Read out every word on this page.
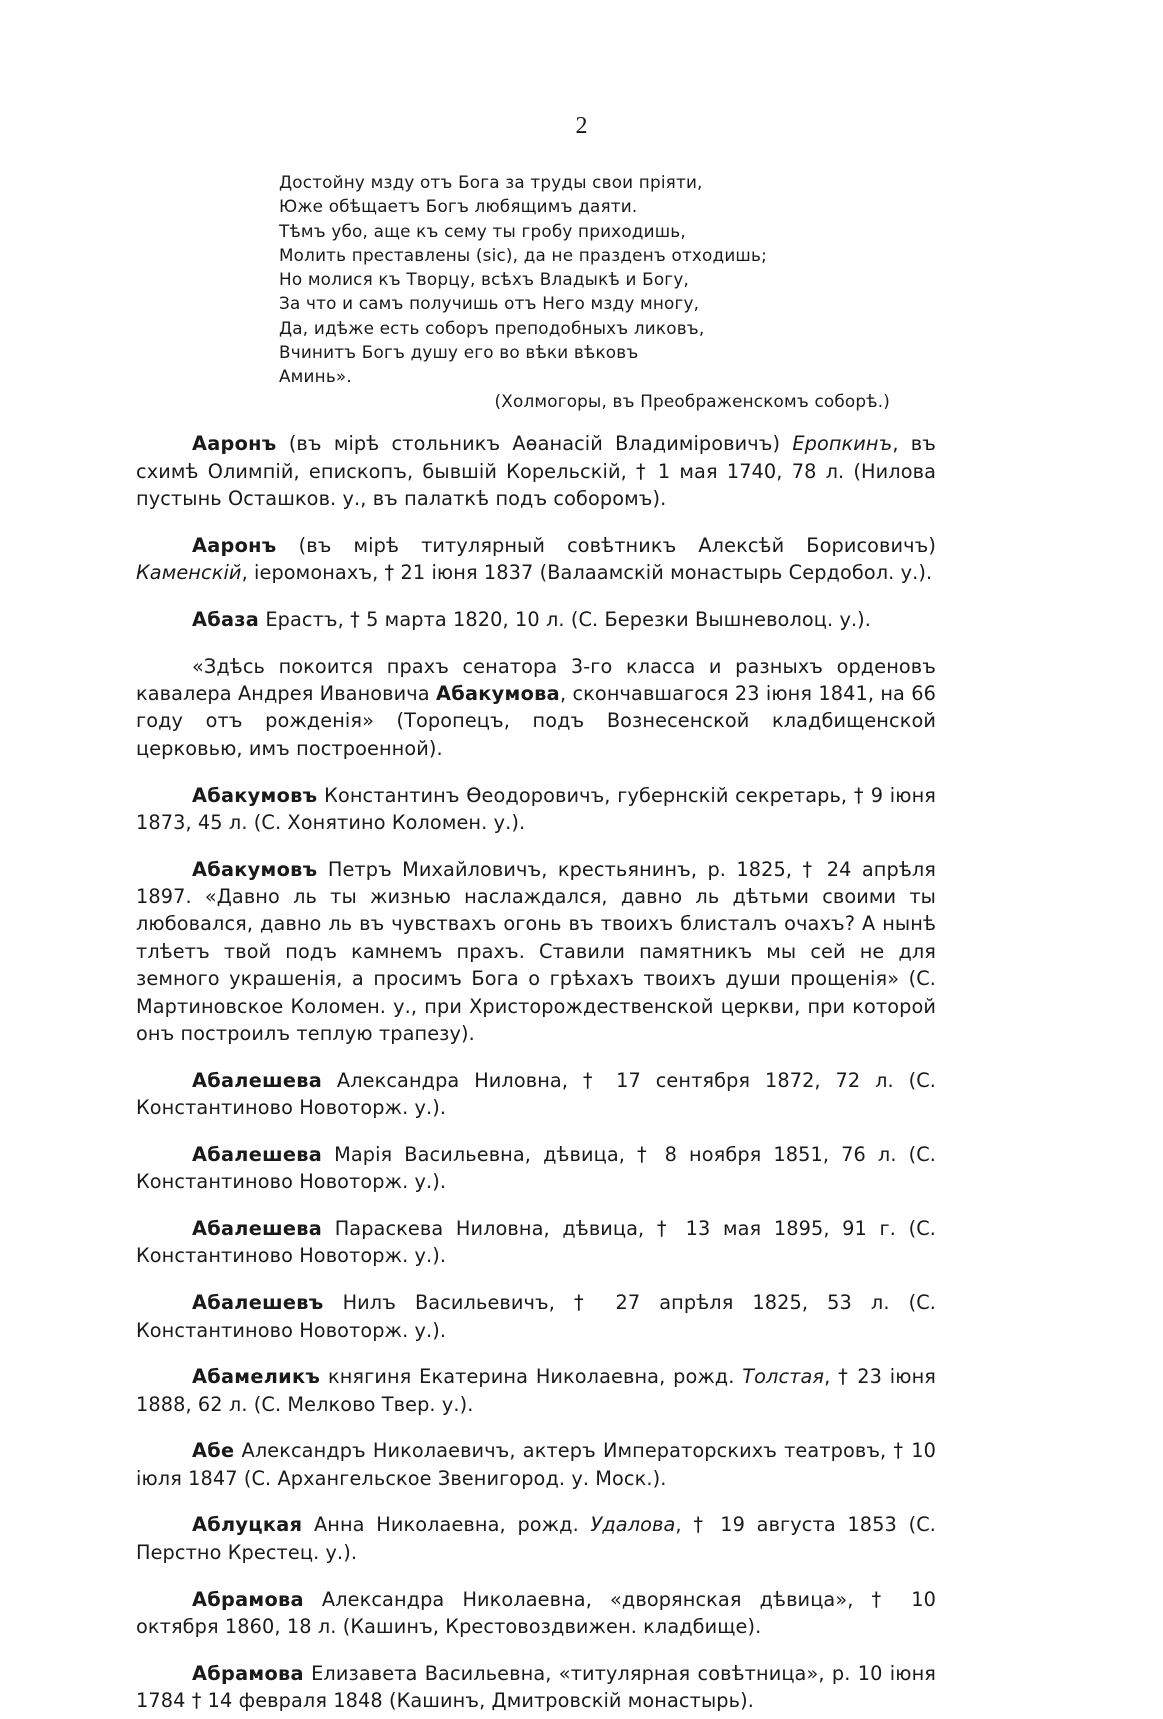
2
Достойну мзду отъ Бога за труды свои пріяти,
Юже обѣщаетъ Богъ любящимъ даяти.
Тѣмъ убо, аще къ сему ты гробу приходишь,
Молить преставлены (sic), да не празденъ отходишь;
Но молися къ Творцу, всѣхъ Владыкѣ и Богу,
За что и самъ получишь отъ Него мзду многу,
Да, идѣже есть соборъ преподобныхъ ликовъ,
Вчинитъ Богъ душу его во вѣки вѣковъ
Аминь».
(Холмогоры, въ Преображенскомъ соборѣ.)

Ааронъ (въ мірѣ стольникъ Аѳанасій Владиміровичъ) Еропкинъ, въ схимѣ Олимпій, епископъ, бывшій Корельскій, † 1 мая 1740, 78 л. (Нилова пустынь Осташков. у., въ палаткѣ подъ соборомъ).

Ааронъ (въ мірѣ титулярный совѣтникъ Алексѣй Борисовичъ) Каменскій, іеромонахъ, † 21 іюня 1837 (Валаамскій монастырь Сердобол. у.).

Абаза Ерастъ, † 5 марта 1820, 10 л. (С. Березки Вышневолоц. у.).

«Здѣсь покоится прахъ сенатора 3-го класса и разныхъ орденовъ кавалера Андрея Ивановича Абакумова, скончавшагося 23 іюня 1841, на 66 году отъ рожденія» (Торопецъ, подъ Вознесенской кладбищенской церковью, имъ построенной).

Абакумовъ Константинъ Ѳеодоровичъ, губернскій секретарь, † 9 іюня 1873, 45 л. (С. Хонятино Коломен. у.).

Абакумовъ Петръ Михайловичъ, крестьянинъ, р. 1825, † 24 апрѣля 1897. «Давно ль ты жизнью наслаждался, давно ль дѣтьми своими ты любовался, давно ль въ чувствахъ огонь въ твоихъ блисталъ очахъ? А нынѣ тлѣетъ твой подъ камнемъ прахъ. Ставили памятникъ мы сей не для земного украшенія, а просимъ Бога о грѣхахъ твоихъ души прощенія» (С. Мартиновское Коломен. у., при Христорождественской церкви, при которой онъ построилъ теплую трапезу).

Абалешева Александра Ниловна, † 17 сентября 1872, 72 л. (С. Константиново Новоторж. у.).

Абалешева Марія Васильевна, дѣвица, † 8 ноября 1851, 76 л. (С. Константиново Новоторж. у.).

Абалешева Параскева Ниловна, дѣвица, † 13 мая 1895, 91 г. (С. Константиново Новоторж. у.).

Абалешевъ Нилъ Васильевичъ, † 27 апрѣля 1825, 53 л. (С. Константиново Новоторж. у.).

Абамеликъ княгиня Екатерина Николаевна, рожд. Толстая, † 23 іюня 1888, 62 л. (С. Мелково Твер. у.).

Абе Александръ Николаевичъ, актеръ Императорскихъ театровъ, † 10 іюля 1847 (С. Архангельское Звенигород. у. Моск.).

Аблуцкая Анна Николаевна, рожд. Удалова, † 19 августа 1853 (С. Перстно Крестец. у.).

Абрамова Александра Николаевна, «дворянская дѣвица», † 10 октября 1860, 18 л. (Кашинъ, Крестовоздвижен. кладбище).

Абрамова Елизавета Васильевна, «титулярная совѣтница», р. 10 іюня 1784 † 14 февраля 1848 (Кашинъ, Дмитровскій монастырь).
